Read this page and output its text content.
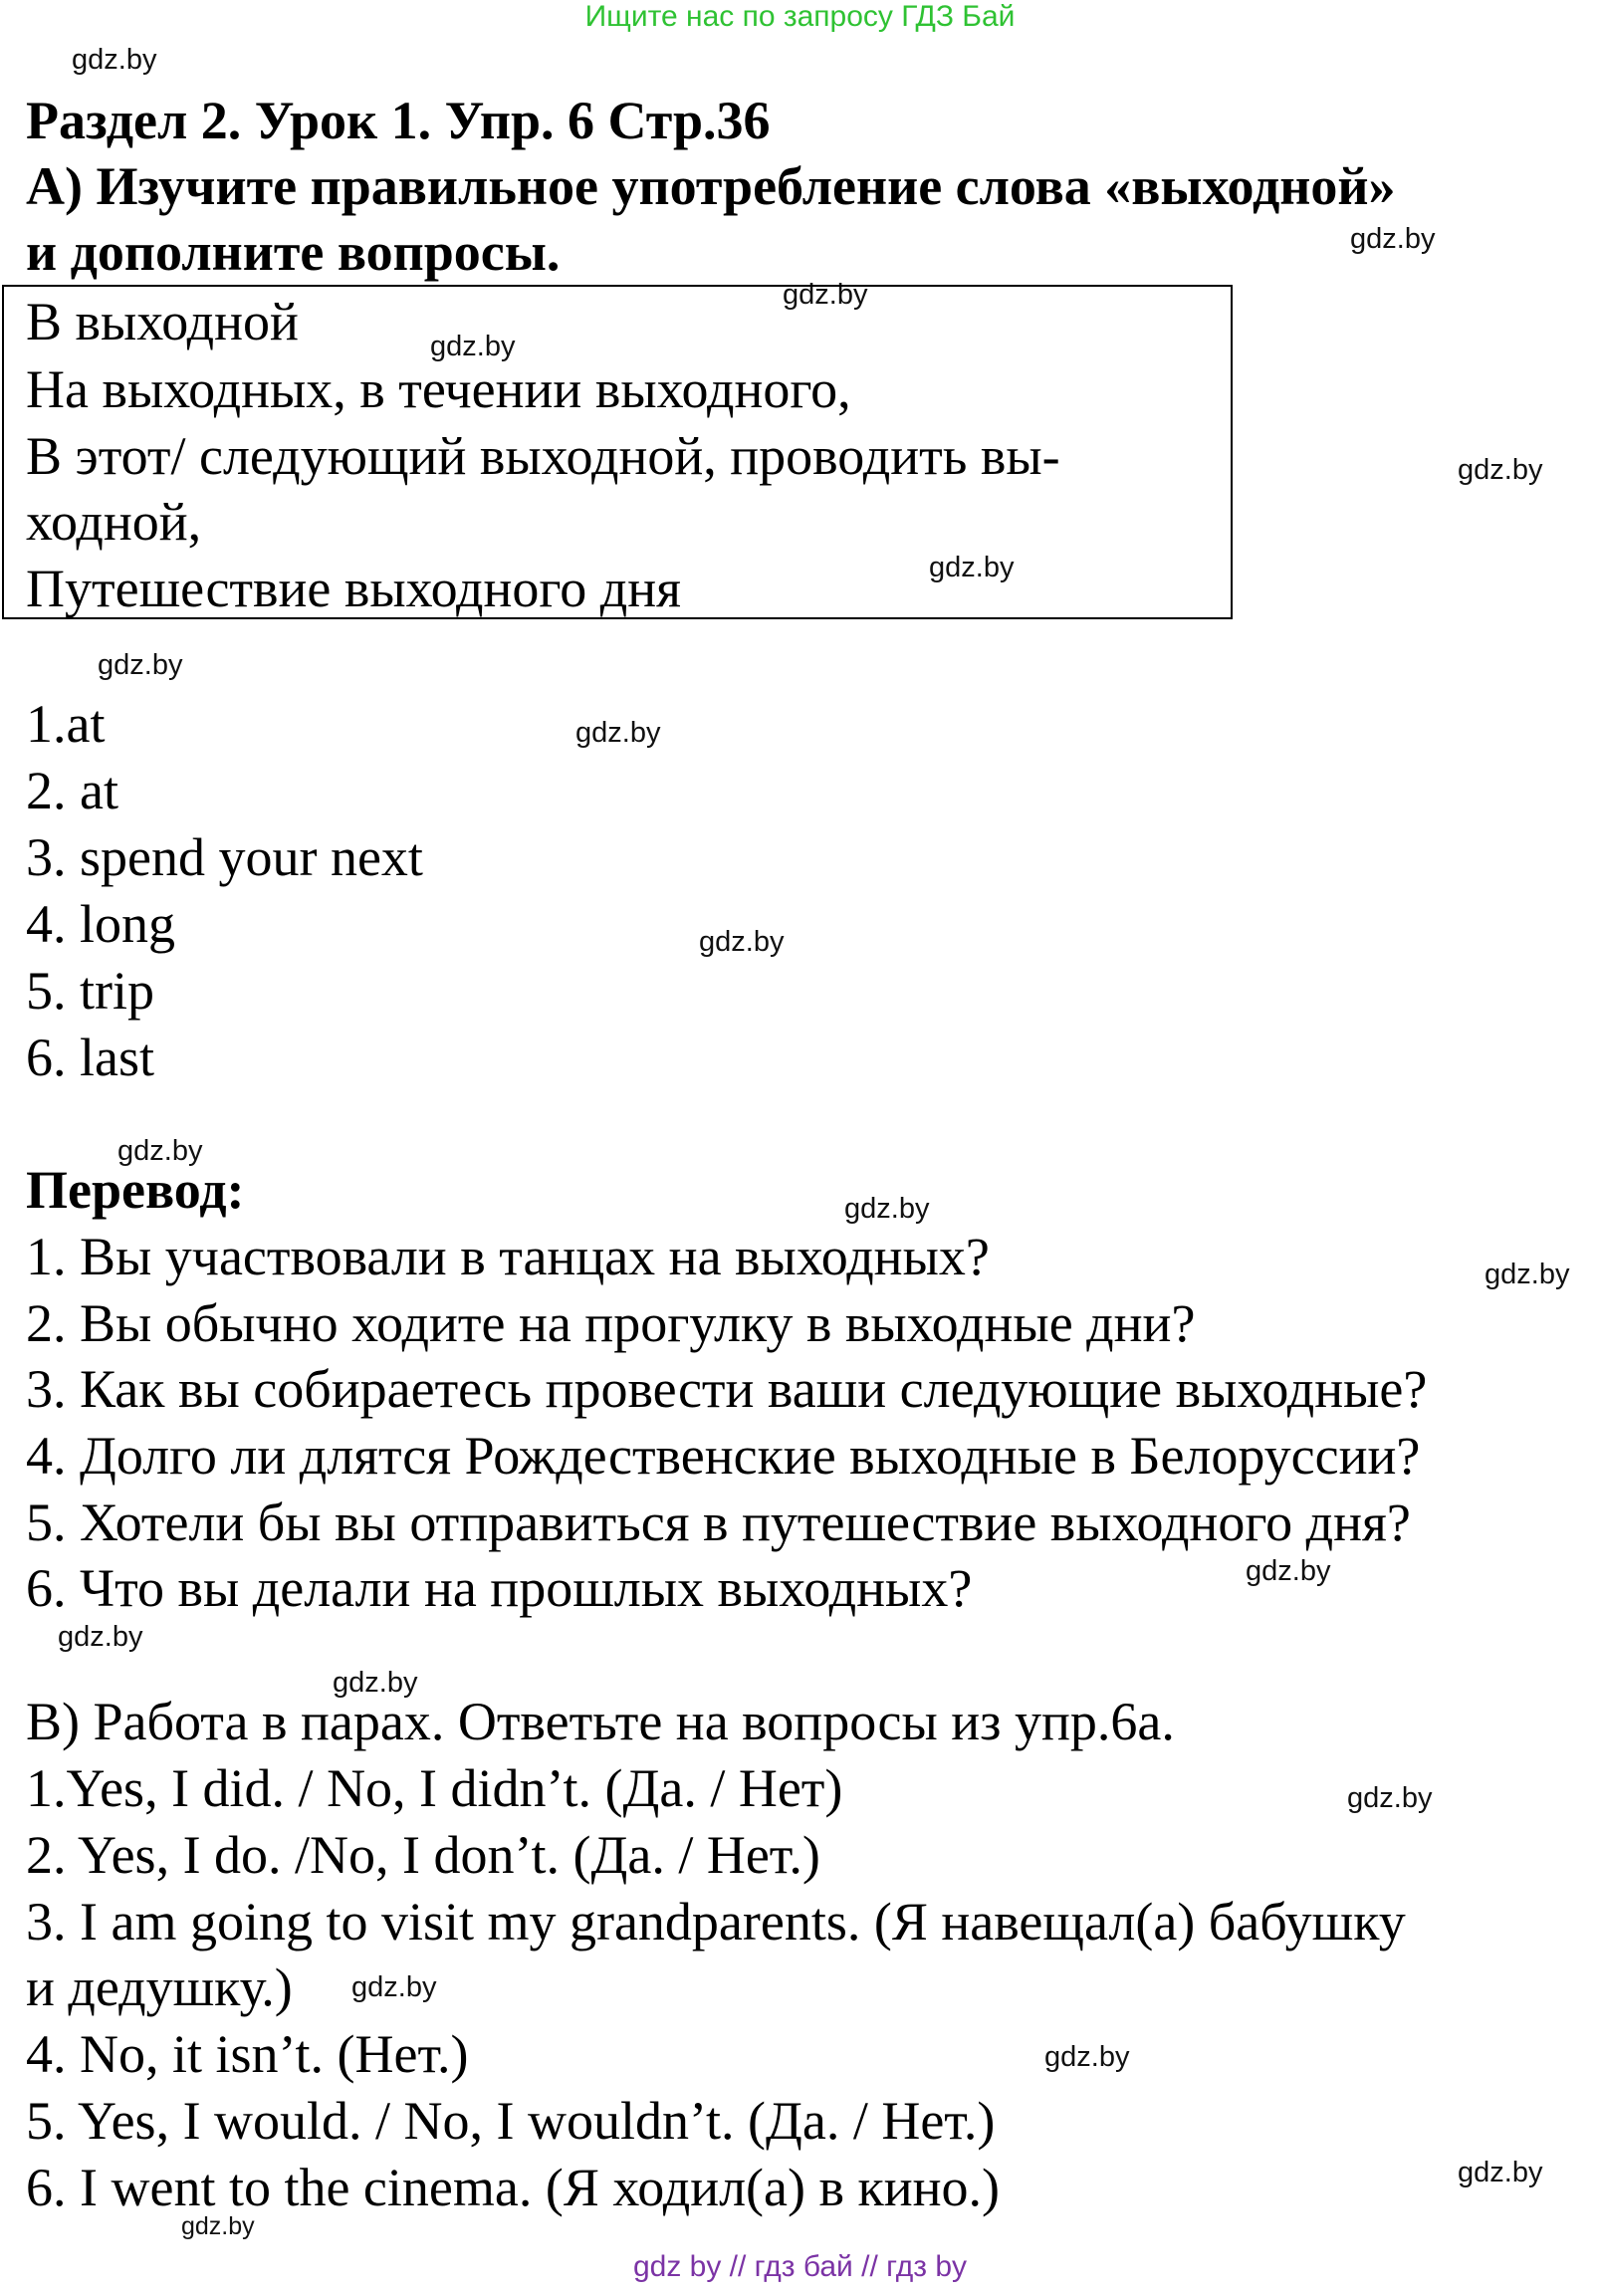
Ищите нас по запросу ГДЗ Бай
gdz.by
gdz.by
gdz.by
gdz.by
gdz.by
gdz.by
gdz.by
gdz.by
gdz.by
gdz.by
gdz.by
gdz.by
gdz.by
gdz.by
gdz.by
gdz.by
gdz.by
gdz.by
gdz.by
gdz.by
Раздел 2. Урок 1. Упр. 6 Стр.36
А) Изучите правильное употребление слова «выходной»
и дополните вопросы.
В выходной
На выходных, в течении выходного,
В этот/ следующий выходной, проводить вы-
ходной,
Путешествие выходного дня
1.at
2. at
3. spend your next
4. long
5. trip
6. last
Перевод:
1. Вы участвовали в танцах на выходных?
2. Вы обычно ходите на прогулку в выходные дни?
3. Как вы собираетесь провести ваши следующие выходные?
4. Долго ли длятся Рождественские выходные в Белоруссии?
5. Хотели бы вы отправиться в путешествие выходного дня?
6. Что вы делали на прошлых выходных?
В) Работа в парах. Ответьте на вопросы из упр.6а.
1.Yes, I did. / No, I didn’t. (Да. / Нет)
2. Yes, I do. /No, I don’t. (Да. / Нет.)
3. I am going to visit my grandparents. (Я навещал(а) бабушку
и дедушку.)
4. No, it isn’t. (Нет.)
5. Yes, I would. / No, I wouldn’t. (Да. / Нет.)
6. I went to the cinema. (Я ходил(а) в кино.)
gdz by // гдз бай // гдз by
